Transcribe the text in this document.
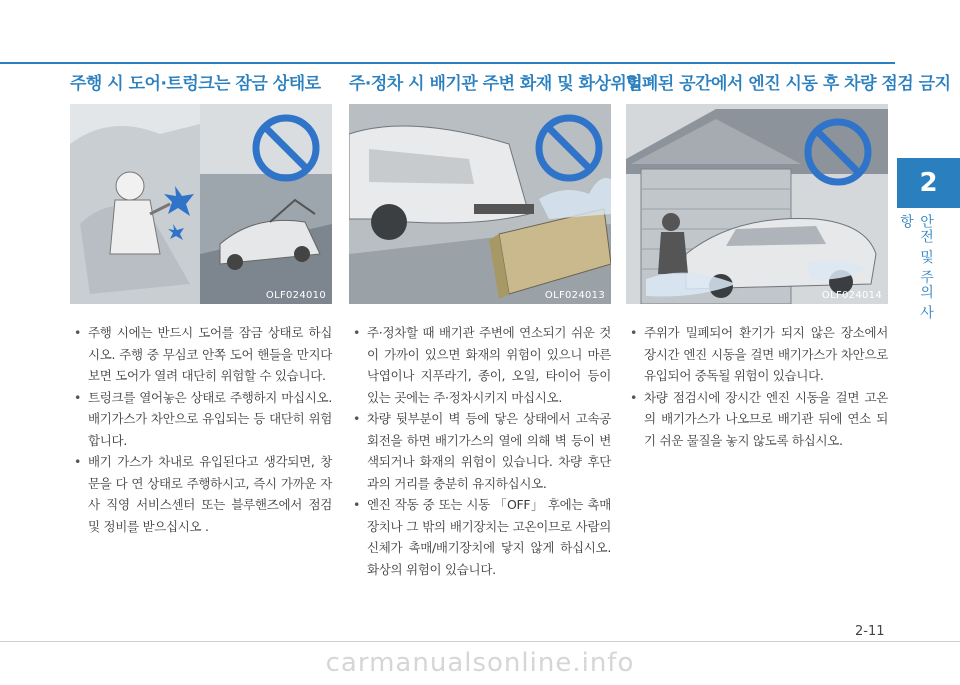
2
안전 및 주의 사항
주행 시 도어·트렁크는 잠금 상태로
OLF024010
• 주행 시에는 반드시 도어를 잠금 상태로 하십시오. 주행 중 무심코 안쪽 도어 핸들을 만지다 보면 도어가 열려 대단히 위험할 수 있습니다.
• 트렁크를 열어놓은 상태로 주행하지 마십시오. 배기가스가 차안으로 유입되는 등 대단히 위험합니다.
• 배기 가스가 차내로 유입된다고 생각되면, 창문을 다 연 상태로 주행하시고, 즉시 가까운 자사 직영 서비스센터 또는 블루핸즈에서 점검 및 정비를 받으십시오 .
주·정차 시 배기관 주변 화재 및 화상위험
OLF024013
• 주·정차할 때 배기관 주변에 연소되기 쉬운 것이 가까이 있으면 화재의 위험이 있으니 마른 낙엽이나 지푸라기, 종이, 오일, 타이어 등이 있는 곳에는 주·정차시키지 마십시오.
• 차량 뒷부분이 벽 등에 닿은 상태에서 고속공회전을 하면 배기가스의 열에 의해 벽 등이 변색되거나 화재의 위험이 있습니다. 차량 후단과의 거리를 충분히 유지하십시오.
• 엔진 작동 중 또는 시동 「OFF」 후에는 촉매장치나 그 밖의 배기장치는 고온이므로 사람의 신체가 촉매/배기장치에 닿지 않게 하십시오. 화상의 위험이 있습니다.
밀폐된 공간에서 엔진 시동 후 차량 점검 금지
OLF024014
• 주위가 밀폐되어 환기가 되지 않은 장소에서 장시간 엔진 시동을 걸면 배기가스가 차안으로 유입되어 중독될 위험이 있습니다.
• 차량 점검시에 장시간 엔진 시동을 걸면 고온의 배기가스가 나오므로 배기관 뒤에 연소 되기 쉬운 물질을 놓지 않도록 하십시오.
2-11
carmanualsonline.info
